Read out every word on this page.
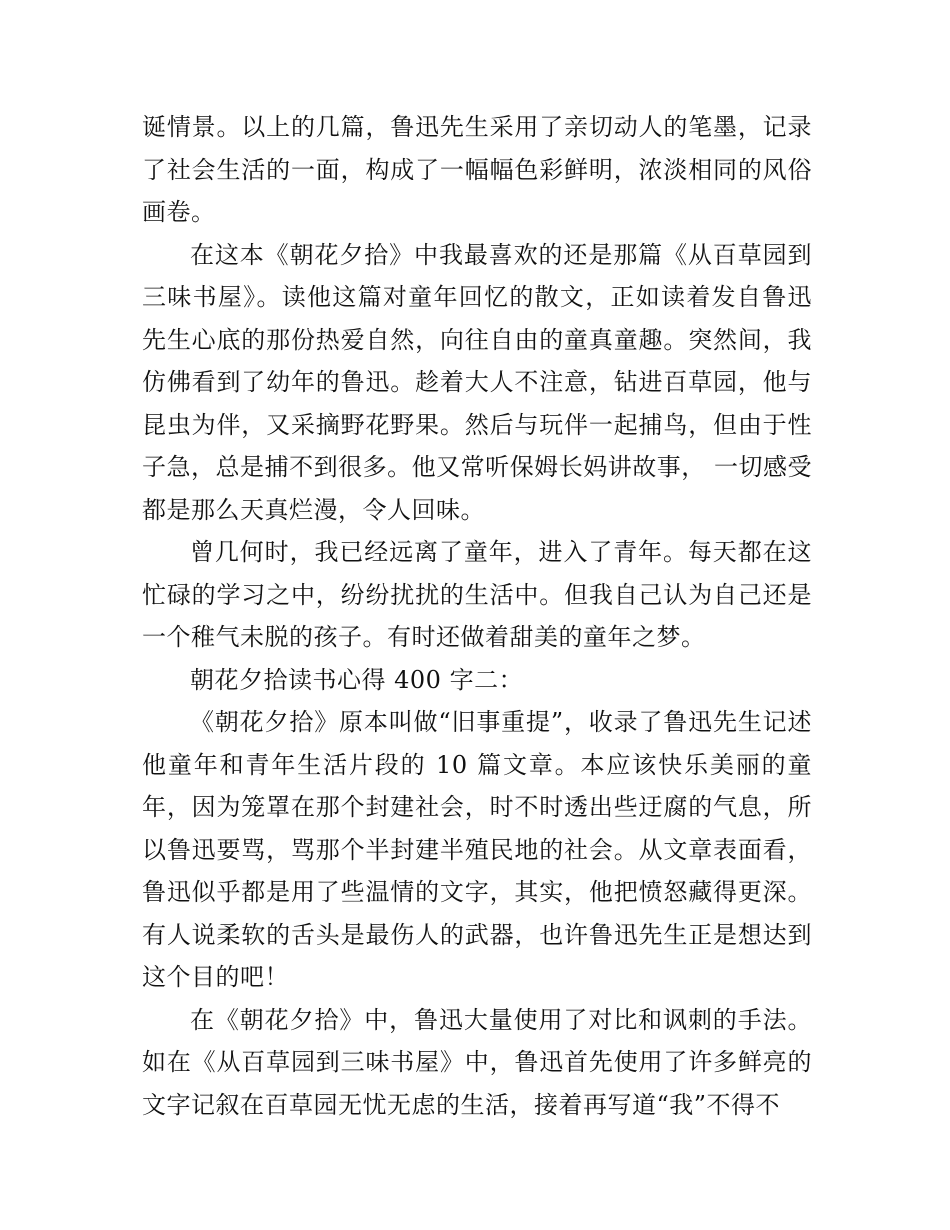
诞情景。以上的几篇，鲁迅先生采用了亲切动人的笔墨，记录了社会生活的一面，构成了一幅幅色彩鲜明，浓淡相同的风俗画卷。

在这本《朝花夕拾》中我最喜欢的还是那篇《从百草园到三味书屋》。读他这篇对童年回忆的散文，正如读着发自鲁迅先生心底的那份热爱自然，向往自由的童真童趣。突然间，我仿佛看到了幼年的鲁迅。趁着大人不注意，钻进百草园，他与昆虫为伴，又采摘野花野果。然后与玩伴一起捕鸟，但由于性子急，总是捕不到很多。他又常听保姆长妈讲故事， 一切感受都是那么天真烂漫，令人回味。

曾几何时，我已经远离了童年，进入了青年。每天都在这忙碌的学习之中，纷纷扰扰的生活中。但我自己认为自己还是一个稚气未脱的孩子。有时还做着甜美的童年之梦。

朝花夕拾读书心得 400 字二：

《朝花夕拾》原本叫做“旧事重提”，收录了鲁迅先生记述他童年和青年生活片段的 10 篇文章。本应该快乐美丽的童年，因为笼罩在那个封建社会，时不时透出些迂腐的气息，所以鲁迅要骂，骂那个半封建半殖民地的社会。从文章表面看，鲁迅似乎都是用了些温情的文字，其实，他把愤怒藏得更深。有人说柔软的舌头是最伤人的武器，也许鲁迅先生正是想达到这个目的吧！

在《朝花夕拾》中，鲁迅大量使用了对比和讽刺的手法。如在《从百草园到三味书屋》中，鲁迅首先使用了许多鲜亮的文字记叙在百草园无忧无虑的生活，接着再写道“我”不得不
